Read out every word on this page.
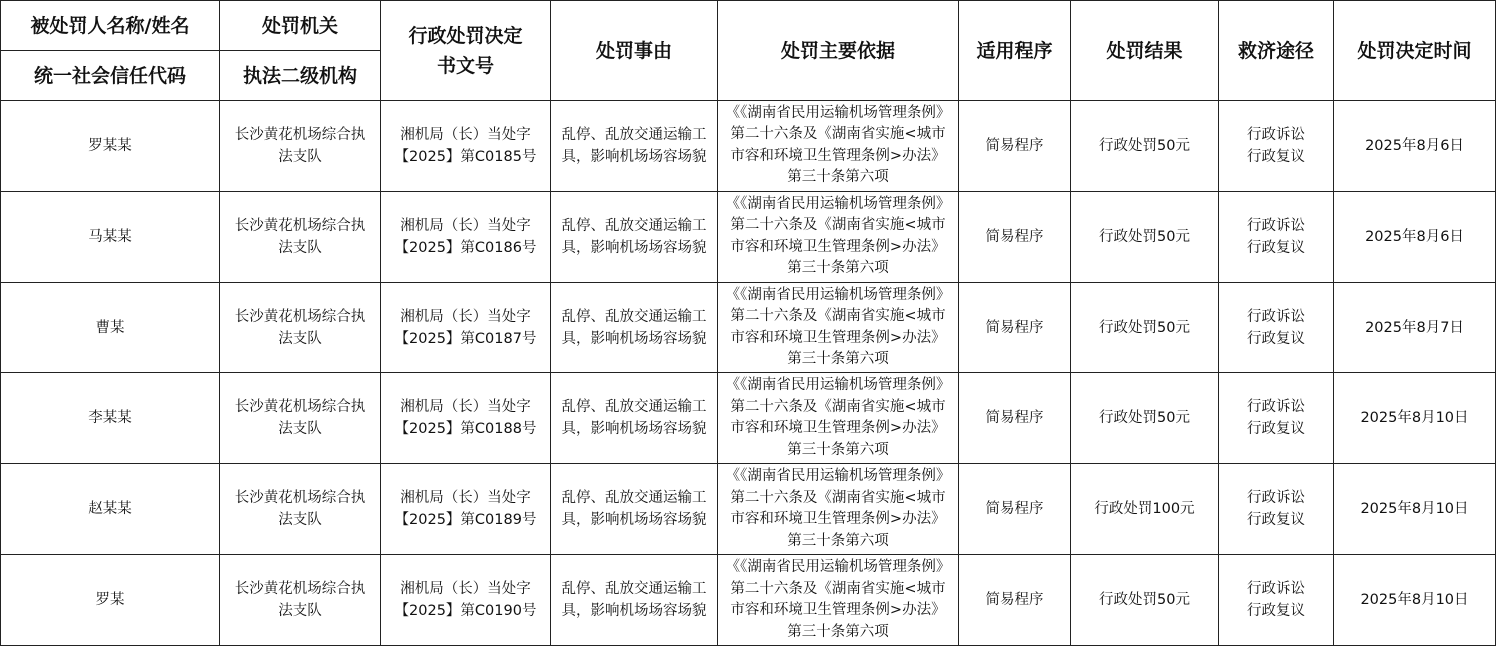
被处罚人名称/姓名	处罚机关	行政处罚决定书文号	处罚事由	处罚主要依据	适用程序	处罚结果	救济途径	处罚决定时间
统一社会信任代码	执法二级机构							
罗某某	长沙黄花机场综合执法支队	湘机局（长）当处字【2025】第C0185号	乱停、乱放交通运输工具，影响机场场容场貌	《《湖南省民用运输机场管理条例》第二十六条及《湖南省实施<城市市容和环境卫生管理条例>办法》第三十条第六项	简易程序	行政处罚50元	行政诉讼行政复议	2025年8月6日
马某某	长沙黄花机场综合执法支队	湘机局（长）当处字【2025】第C0186号	乱停、乱放交通运输工具，影响机场场容场貌	《《湖南省民用运输机场管理条例》第二十六条及《湖南省实施<城市市容和环境卫生管理条例>办法》第三十条第六项	简易程序	行政处罚50元	行政诉讼行政复议	2025年8月6日
曹某	长沙黄花机场综合执法支队	湘机局（长）当处字【2025】第C0187号	乱停、乱放交通运输工具，影响机场场容场貌	《《湖南省民用运输机场管理条例》第二十六条及《湖南省实施<城市市容和环境卫生管理条例>办法》第三十条第六项	简易程序	行政处罚50元	行政诉讼行政复议	2025年8月7日
李某某	长沙黄花机场综合执法支队	湘机局（长）当处字【2025】第C0188号	乱停、乱放交通运输工具，影响机场场容场貌	《《湖南省民用运输机场管理条例》第二十六条及《湖南省实施<城市市容和环境卫生管理条例>办法》第三十条第六项	简易程序	行政处罚50元	行政诉讼行政复议	2025年8月10日
赵某某	长沙黄花机场综合执法支队	湘机局（长）当处字【2025】第C0189号	乱停、乱放交通运输工具，影响机场场容场貌	《《湖南省民用运输机场管理条例》第二十六条及《湖南省实施<城市市容和环境卫生管理条例>办法》第三十条第六项	简易程序	行政处罚100元	行政诉讼行政复议	2025年8月10日
罗某	长沙黄花机场综合执法支队	湘机局（长）当处字【2025】第C0190号	乱停、乱放交通运输工具，影响机场场容场貌	《《湖南省民用运输机场管理条例》第二十六条及《湖南省实施<城市市容和环境卫生管理条例>办法》第三十条第六项	简易程序	行政处罚50元	行政诉讼行政复议	2025年8月10日
